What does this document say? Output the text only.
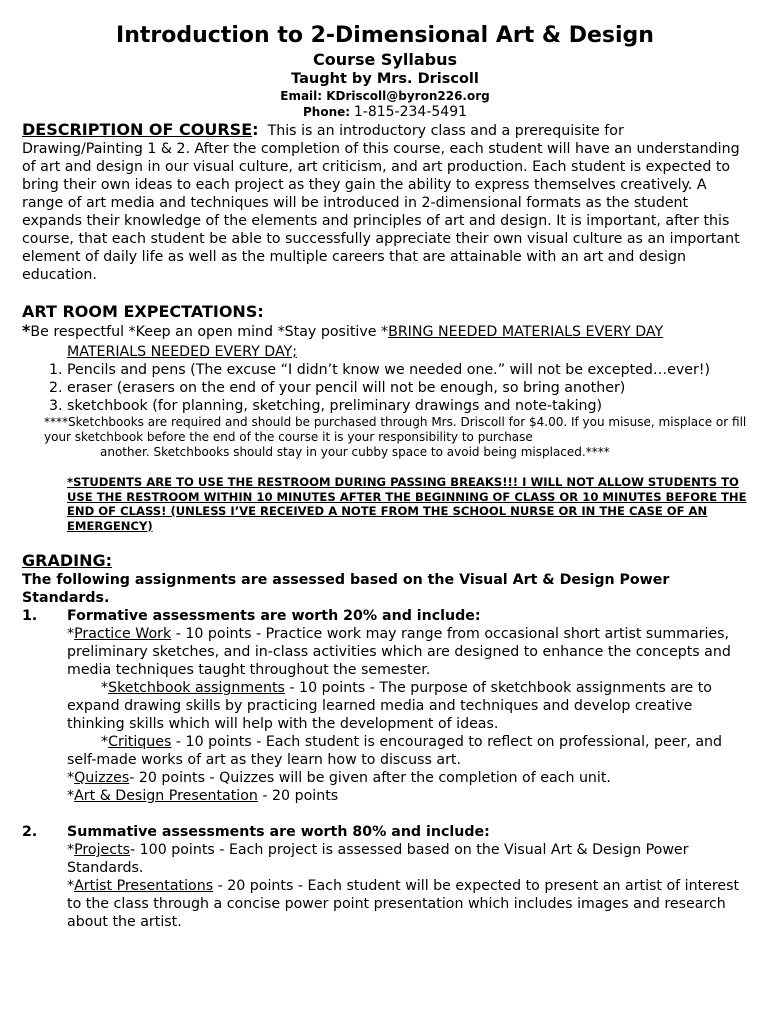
Introduction to 2-Dimensional Art & Design
Course Syllabus
Taught by Mrs. Driscoll
Email: KDriscoll@byron226.org
Phone: 1-815-234-5491

DESCRIPTION OF COURSE: This is an introductory class and a prerequisite for Drawing/Painting 1 & 2. After the completion of this course, each student will have an understanding of art and design in our visual culture, art criticism, and art production. Each student is expected to bring their own ideas to each project as they gain the ability to express themselves creatively. A range of art media and techniques will be introduced in 2-dimensional formats as the student expands their knowledge of the elements and principles of art and design. It is important, after this course, that each student be able to successfully appreciate their own visual culture as an important element of daily life as well as the multiple careers that are attainable with an art and design education.

ART ROOM EXPECTATIONS:

*Be respectful *Keep an open mind *Stay positive *BRING NEEDED MATERIALS EVERY DAY

MATERIALS NEEDED EVERY DAY;

1. Pencils and pens (The excuse “I didn’t know we needed one.” will not be excepted…ever!)
2. eraser (erasers on the end of your pencil will not be enough, so bring another)
3. sketchbook (for planning, sketching, preliminary drawings and note-taking)

****Sketchbooks are required and should be purchased through Mrs. Driscoll for $4.00. If you misuse, misplace or fill your sketchbook before the end of the course it is your responsibility to purchase

another. Sketchbooks should stay in your cubby space to avoid being misplaced.****

*STUDENTS ARE TO USE THE RESTROOM DURING PASSING BREAKS!!! I WILL NOT ALLOW STUDENTS TO USE THE RESTROOM WITHIN 10 MINUTES AFTER THE BEGINNING OF CLASS OR 10 MINUTES BEFORE THE END OF CLASS! (UNLESS I’VE RECEIVED A NOTE FROM THE SCHOOL NURSE OR IN THE CASE OF AN EMERGENCY)

GRADING:

The following assignments are assessed based on the Visual Art & Design Power Standards.

1. Formative assessments are worth 20% and include:

*Practice Work - 10 points - Practice work may range from occasional short artist summaries, preliminary sketches, and in-class activities which are designed to enhance the concepts and media techniques taught throughout the semester.

*Sketchbook assignments - 10 points - The purpose of sketchbook assignments are to expand drawing skills by practicing learned media and techniques and develop creative thinking skills which will help with the development of ideas.

*Critiques - 10 points - Each student is encouraged to reflect on professional, peer, and self-made works of art as they learn how to discuss art.

*Quizzes- 20 points - Quizzes will be given after the completion of each unit.

*Art & Design Presentation - 20 points

2. Summative assessments are worth 80% and include:

*Projects- 100 points - Each project is assessed based on the Visual Art & Design Power Standards.

*Artist Presentations - 20 points - Each student will be expected to present an artist of interest to the class through a concise power point presentation which includes images and research about the artist.
